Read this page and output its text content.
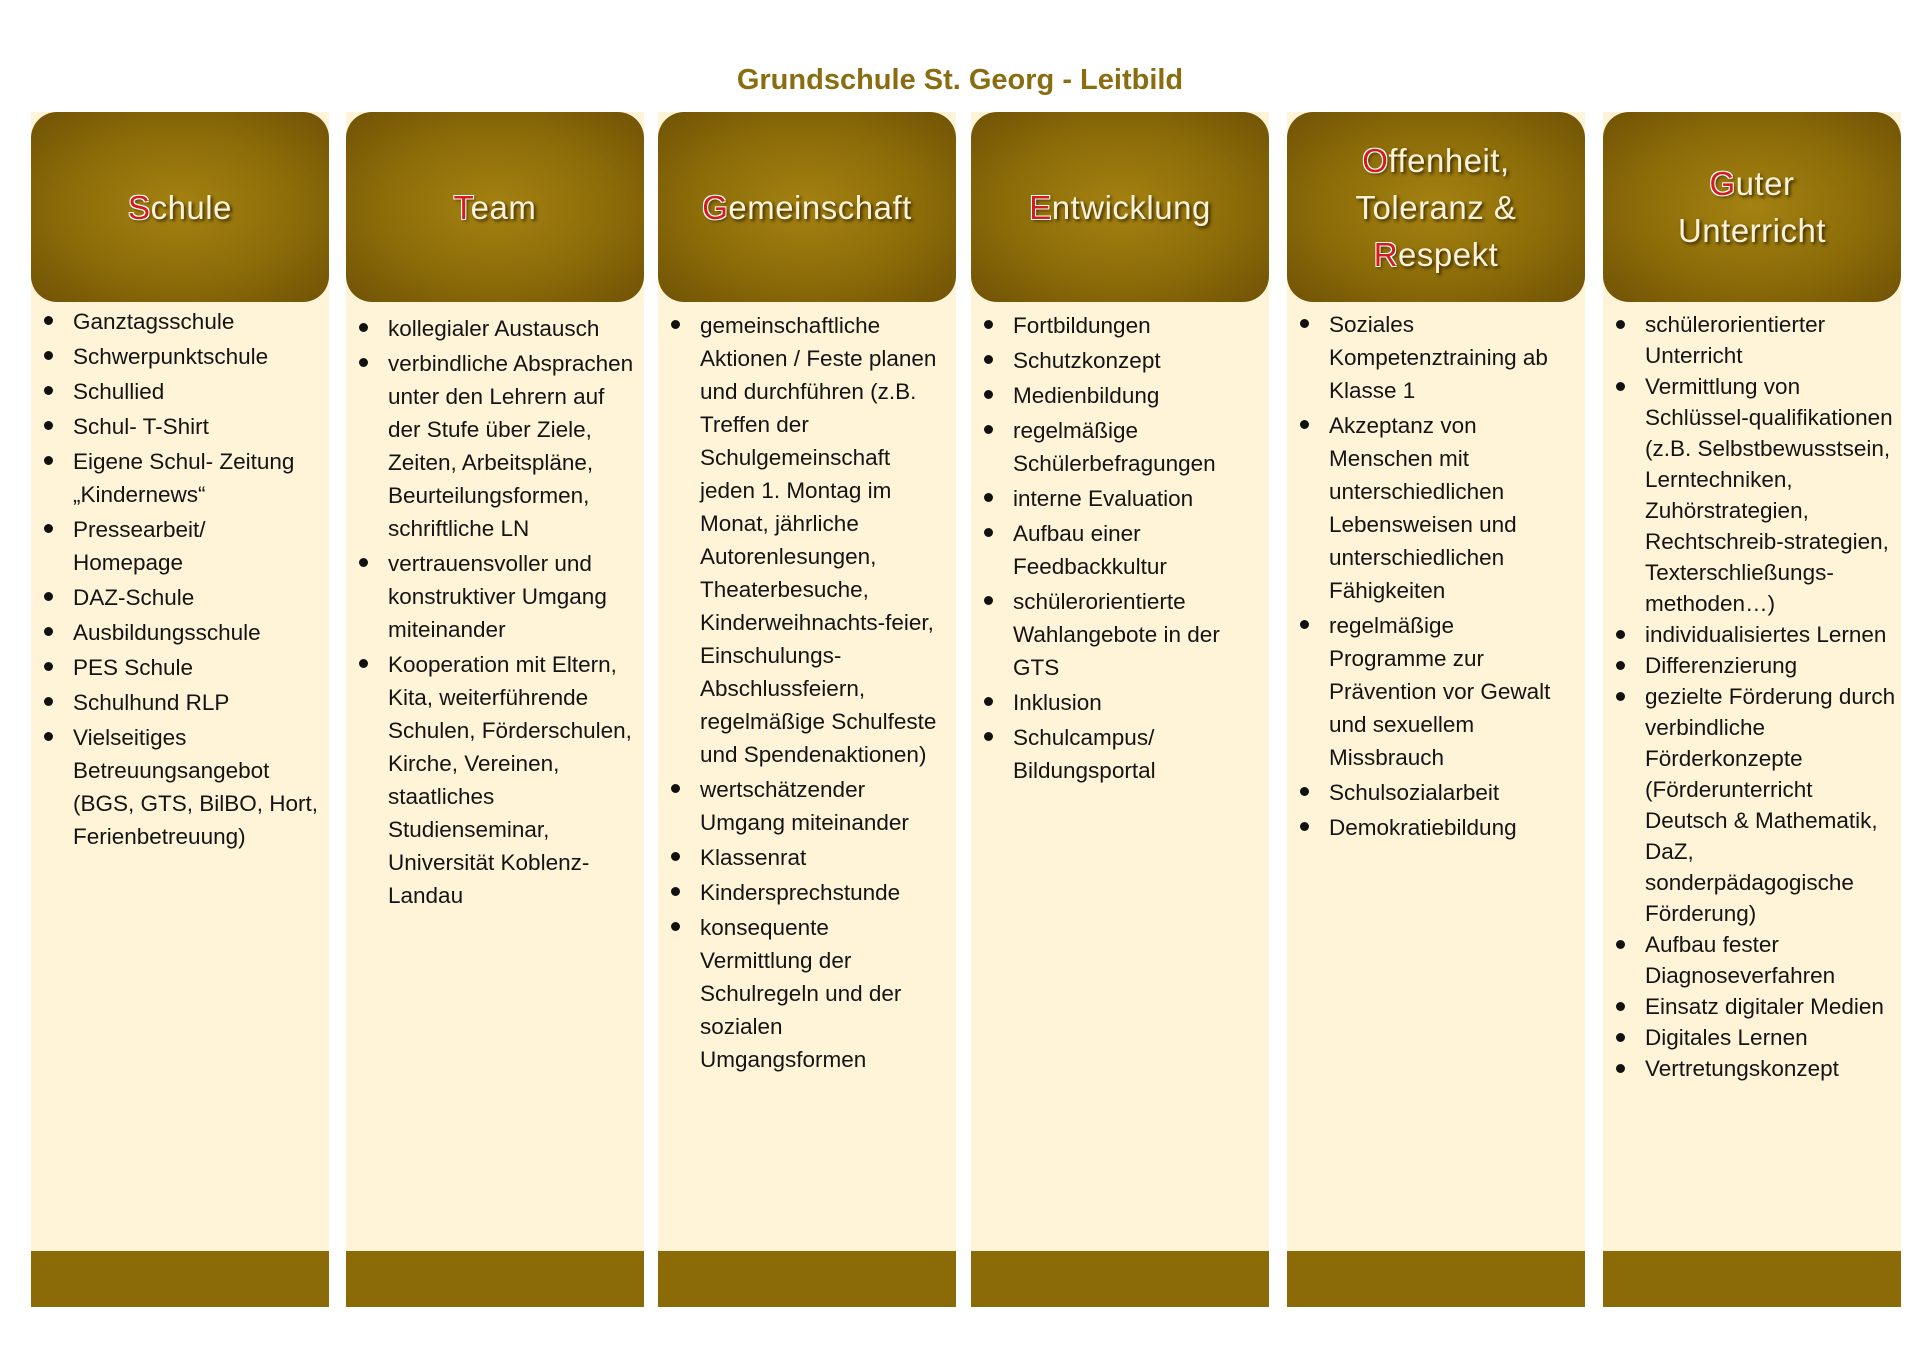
Grundschule St. Georg - Leitbild
Schule
Ganztagsschule
Schwerpunktschule
Schullied
Schul- T-Shirt
Eigene Schul- Zeitung „Kindernews“
Pressearbeit/ Homepage
DAZ-Schule
Ausbildungsschule
PES Schule
Schulhund RLP
Vielseitiges Betreuungsangebot (BGS, GTS, BilBO, Hort, Ferienbetreuung)
Team
kollegialer Austausch
verbindliche Absprachen unter den Lehrern auf der Stufe über Ziele, Zeiten, Arbeitspläne, Beurteilungsformen, schriftliche LN
vertrauensvoller und konstruktiver Umgang miteinander
Kooperation mit Eltern, Kita, weiterführende Schulen, Förderschulen, Kirche, Vereinen, staatliches Studienseminar, Universität Koblenz-Landau
Gemeinschaft
gemeinschaftliche Aktionen / Feste planen und durchführen (z.B. Treffen der Schulgemeinschaft jeden 1. Montag im Monat, jährliche Autorenlesungen, Theaterbesuche, Kinderweihnachts-feier, Einschulungs-Abschlussfeiern, regelmäßige Schulfeste und Spendenaktionen)
wertschätzender Umgang miteinander
Klassenrat
Kindersprechstunde
konsequente Vermittlung der Schulregeln und der sozialen Umgangsformen
Entwicklung
Fortbildungen
Schutzkonzept
Medienbildung
regelmäßige Schülerbefragungen
interne Evaluation
Aufbau einer Feedbackkultur
schülerorientierte Wahlangebote in der GTS
Inklusion
Schulcampus/ Bildungsportal
Offenheit,
Toleranz &
Respekt
Soziales Kompetenztraining ab Klasse 1
Akzeptanz von Menschen mit unterschiedlichen Lebensweisen und unterschiedlichen Fähigkeiten
regelmäßige Programme zur Prävention vor Gewalt und sexuellem Missbrauch
Schulsozialarbeit
Demokratiebildung
Guter
Unterricht
schülerorientierter Unterricht
Vermittlung von Schlüssel-qualifikationen (z.B. Selbstbewusstsein, Lerntechniken, Zuhörstrategien, Rechtschreib-strategien, Texterschließungs-methoden…)
individualisiertes Lernen
Differenzierung
gezielte Förderung durch verbindliche Förderkonzepte (Förderunterricht Deutsch & Mathematik, DaZ, sonderpädagogische Förderung)
Aufbau fester Diagnoseverfahren
Einsatz digitaler Medien
Digitales Lernen
Vertretungskonzept
